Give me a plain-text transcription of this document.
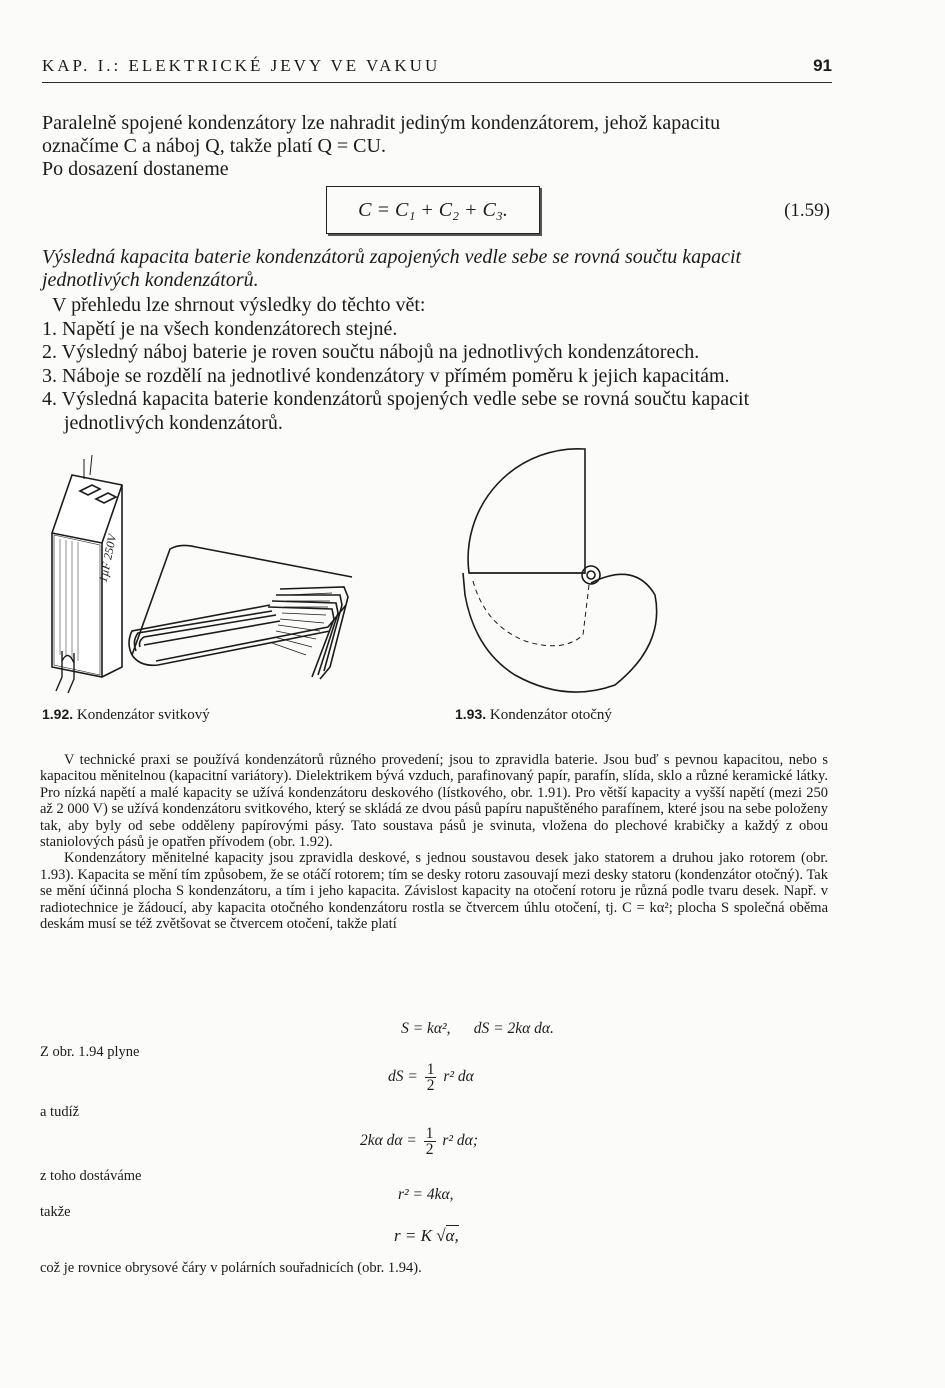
KAP. I.: ELEKTRICKÉ JEVY VE VAKUU	91
Paralelně spojené kondenzátory lze nahradit jediným kondenzátorem, jehož kapacitu
označíme C a náboj Q, takže platí Q = CU.
Po dosazení dostaneme
C = C₁ + C₂ + C₃.	(1.59)
Výsledná kapacita baterie kondenzátorů zapojených vedle sebe se rovná součtu kapacit jednotlivých kondenzátorů.
V přehledu lze shrnout výsledky do těchto vět:
1. Napětí je na všech kondenzátorech stejné.
2. Výsledný náboj baterie je roven součtu nábojů na jednotlivých kondenzátorech.
3. Náboje se rozdělí na jednotlivé kondenzátory v přímém poměru k jejich kapacitám.
4. Výsledná kapacita baterie kondenzátorů spojených vedle sebe se rovná součtu kapacit jednotlivých kondenzátorů.
1µF 250V
1.92. Kondenzátor svitkový	1.93. Kondenzátor otočný

V technické praxi se používá kondenzátorů různého provedení; jsou to zpravidla baterie. Jsou buď s pevnou kapacitou, nebo s kapacitou měnitelnou (kapacitní variátory). Dielektrikem bývá vzduch, parafinovaný papír, parafín, slída, sklo a různé keramické látky. Pro nízká napětí a malé kapacity se užívá kondenzátoru deskového (lístkového, obr. 1.91). Pro větší kapacity a vyšší napětí (mezi 250 až 2 000 V) se užívá kondenzátoru svitkového, který se skládá ze dvou pásů papíru napuštěného parafínem, které jsou na sebe položeny tak, aby byly od sebe odděleny papírovými pásy. Tato soustava pásů je svinuta, vložena do plechové krabičky a každý z obou staniolových pásů je opatřen přívodem (obr. 1.92).

Kondenzátory měnitelné kapacity jsou zpravidla deskové, s jednou soustavou desek jako statorem a druhou jako rotorem (obr. 1.93). Kapacita se mění tím způsobem, že se otáčí rotorem; tím se desky rotoru zasouvají mezi desky statoru (kondenzátor otočný). Tak se mění účinná plocha S kondenzátoru, a tím i jeho kapacita. Závislost kapacity na otočení rotoru je různá podle tvaru desek. Např. v radiotechnice je žádoucí, aby kapacita otočného kondenzátoru rostla se čtvercem úhlu otočení, tj. C = kα²; plocha S společná oběma deskám musí se též zvětšovat se čtvercem otočení, takže platí

S = kα²,      dS = 2kα dα.
Z obr. 1.94 plyne
dS = $\frac{1}{2} r^2$ dα
a tudíž
2kα $d\alpha = \frac{1}{2} r^2$ dα;
z toho dostáváme
r² = 4kα,
takže
r = K √α,
což je rovnice obrysové čáry v polárních souřadnicích (obr. 1.94).
